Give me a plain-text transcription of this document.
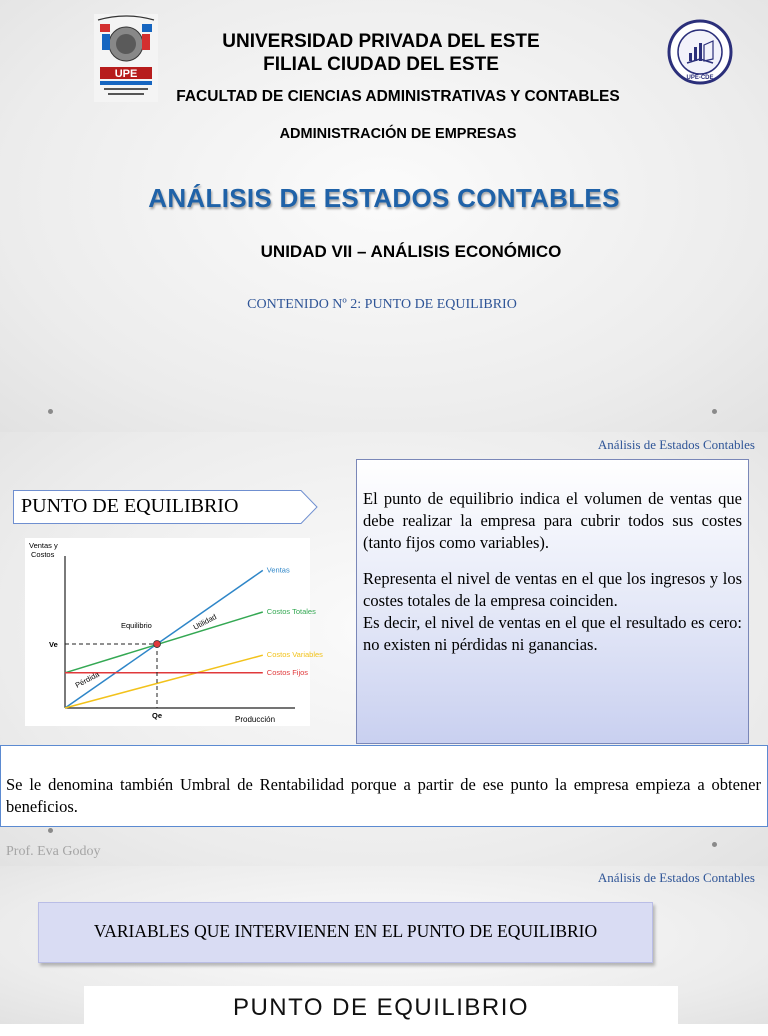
UPE	UPE-CDE
UNIVERSIDAD PRIVADA DEL ESTE
FILIAL CIUDAD DEL ESTE
FACULTAD DE CIENCIAS ADMINISTRATIVAS Y CONTABLES
ADMINISTRACIÓN DE EMPRESAS
ANÁLISIS DE ESTADOS CONTABLES
UNIDAD VII – ANÁLISIS ECONÓMICO
CONTENIDO Nº 2: PUNTO DE EQUILIBRIO
Análisis de Estados Contables
PUNTO DE EQUILIBRIO
Ventas y
Costos
Producción
Ventas
Costos Totales
Costos Variables
Costos Fijos
Equilibrio
Qe
Ve
Utilidad
Pérdida

El punto de equilibrio indica el volumen de ventas que debe realizar la empresa para cubrir todos sus costes (tanto fijos como variables).

Representa el nivel de ventas en el que los ingresos y los costes totales de la empresa coinciden.

Es decir, el nivel de ventas en el que el resultado es cero: no existen ni pérdidas ni ganancias.

Se le denomina también Umbral de Rentabilidad porque a partir de ese punto la empresa empieza a obtener beneficios.
Prof. Eva Godoy
Análisis de Estados Contables
VARIABLES QUE INTERVIENEN EN EL PUNTO DE EQUILIBRIO
PUNTO DE EQUILIBRIO
